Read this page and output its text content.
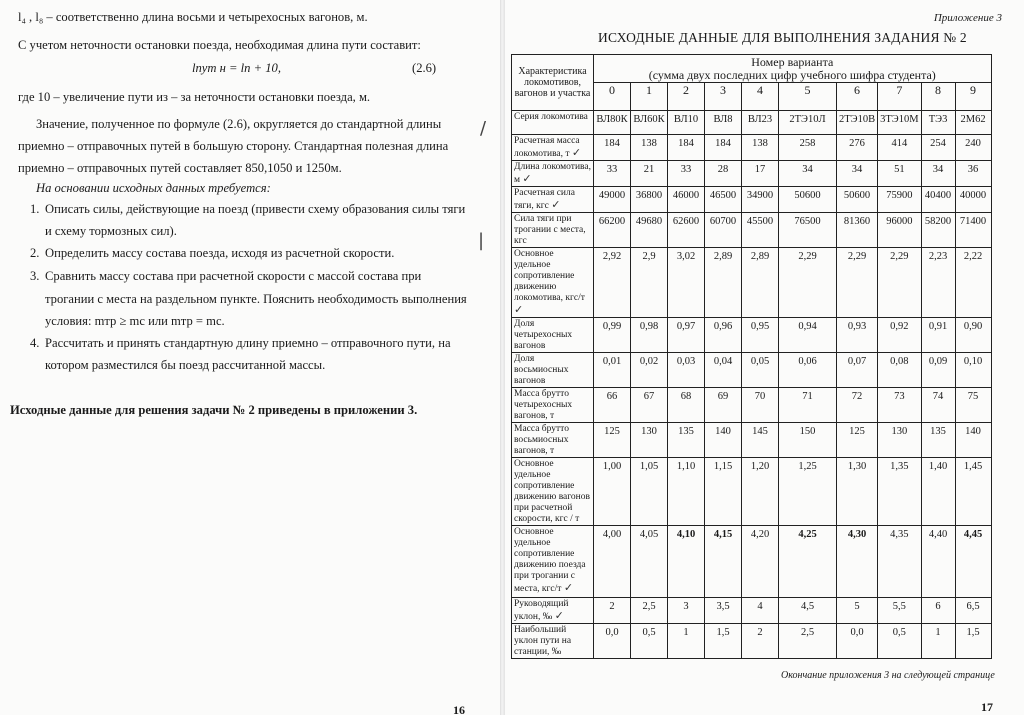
l₄ , l₈ – соответственно длина восьми и четырехосных вагонов, м.
С учетом неточности остановки поезда, необходимая длина пути составит:
lпут н = lп + 10,	(2.6)
где 10 – увеличение пути из – за неточности остановки поезда, м.
Значение, полученное по формуле (2.6), округляется до стандартной длины
приемно – отправочных путей в большую сторону. Стандартная полезная длина
приемно – отправочных путей составляет 850,1050 и 1250м.
На основании исходных данных требуется:
1. Описать силы, действующие на поезд (привести схему образования силы тяги
и схему тормозных сил).
2. Определить массу состава поезда, исходя из расчетной скорости.
3. Сравнить массу состава при расчетной скорости с массой состава при
трогании с места на раздельном пункте. Пояснить необходимость выполнения
условия: mтр ≥ mс или mтр = mс.
4. Рассчитать и принять стандартную длину приемно – отправочного пути, на
котором разместился бы поезд рассчитанной массы.
Исходные данные для решения задачи № 2 приведены в приложении 3.
/
|
16
Приложение 3
ИСХОДНЫЕ ДАННЫЕ ДЛЯ ВЫПОЛНЕНИЯ ЗАДАНИЯ № 2
Характеристика локомотивов, вагонов и участка	Номер варианта
(сумма двух последних цифр учебного шифра студента)									

	0	1	2	3	4	5	6	7	8	9
Серия локомотива	ВЛ80К	ВЛ60К	ВЛ10	ВЛ8	ВЛ23	2ТЭ10Л	2ТЭ10В	3ТЭ10М	ТЭ3	2М62
Расчетная масса локомотива, т ✓	184	138	184	184	138	258	276	414	254	240
Длина локомотива, м ✓	33	21	33	28	17	34	34	51	34	36
Расчетная сила тяги, кгс ✓	49000	36800	46000	46500	34900	50600	50600	75900	40400	40000
Сила тяги при трогании с места, кгс	66200	49680	62600	60700	45500	76500	81360	96000	58200	71400
Основное удельное сопротивление движению локомотива, кгс/т ✓	2,92	2,9	3,02	2,89	2,89	2,29	2,29	2,29	2,23	2,22
Доля четырехосных вагонов	0,99	0,98	0,97	0,96	0,95	0,94	0,93	0,92	0,91	0,90
Доля восьмиосных вагонов	0,01	0,02	0,03	0,04	0,05	0,06	0,07	0,08	0,09	0,10
Масса брутто четырехосных вагонов, т	66	67	68	69	70	71	72	73	74	75
Масса брутто восьмиосных вагонов, т	125	130	135	140	145	150	125	130	135	140
Основное удельное сопротивление движению вагонов при расчетной скорости, кгс / т	1,00	1,05	1,10	1,15	1,20	1,25	1,30	1,35	1,40	1,45
Основное удельное сопротивление движению поезда при трогании с места, кгс/т ✓	4,00	4,05	4,10	4,15	4,20	4,25	4,30	4,35	4,40	4,45
Руководящий уклон, ‰ ✓	2	2,5	3	3,5	4	4,5	5	5,5	6	6,5
Наибольший уклон пути на станции, ‰	0,0	0,5	1	1,5	2	2,5	0,0	0,5	1	1,5
Окончание приложения 3 на следующей странице
17
